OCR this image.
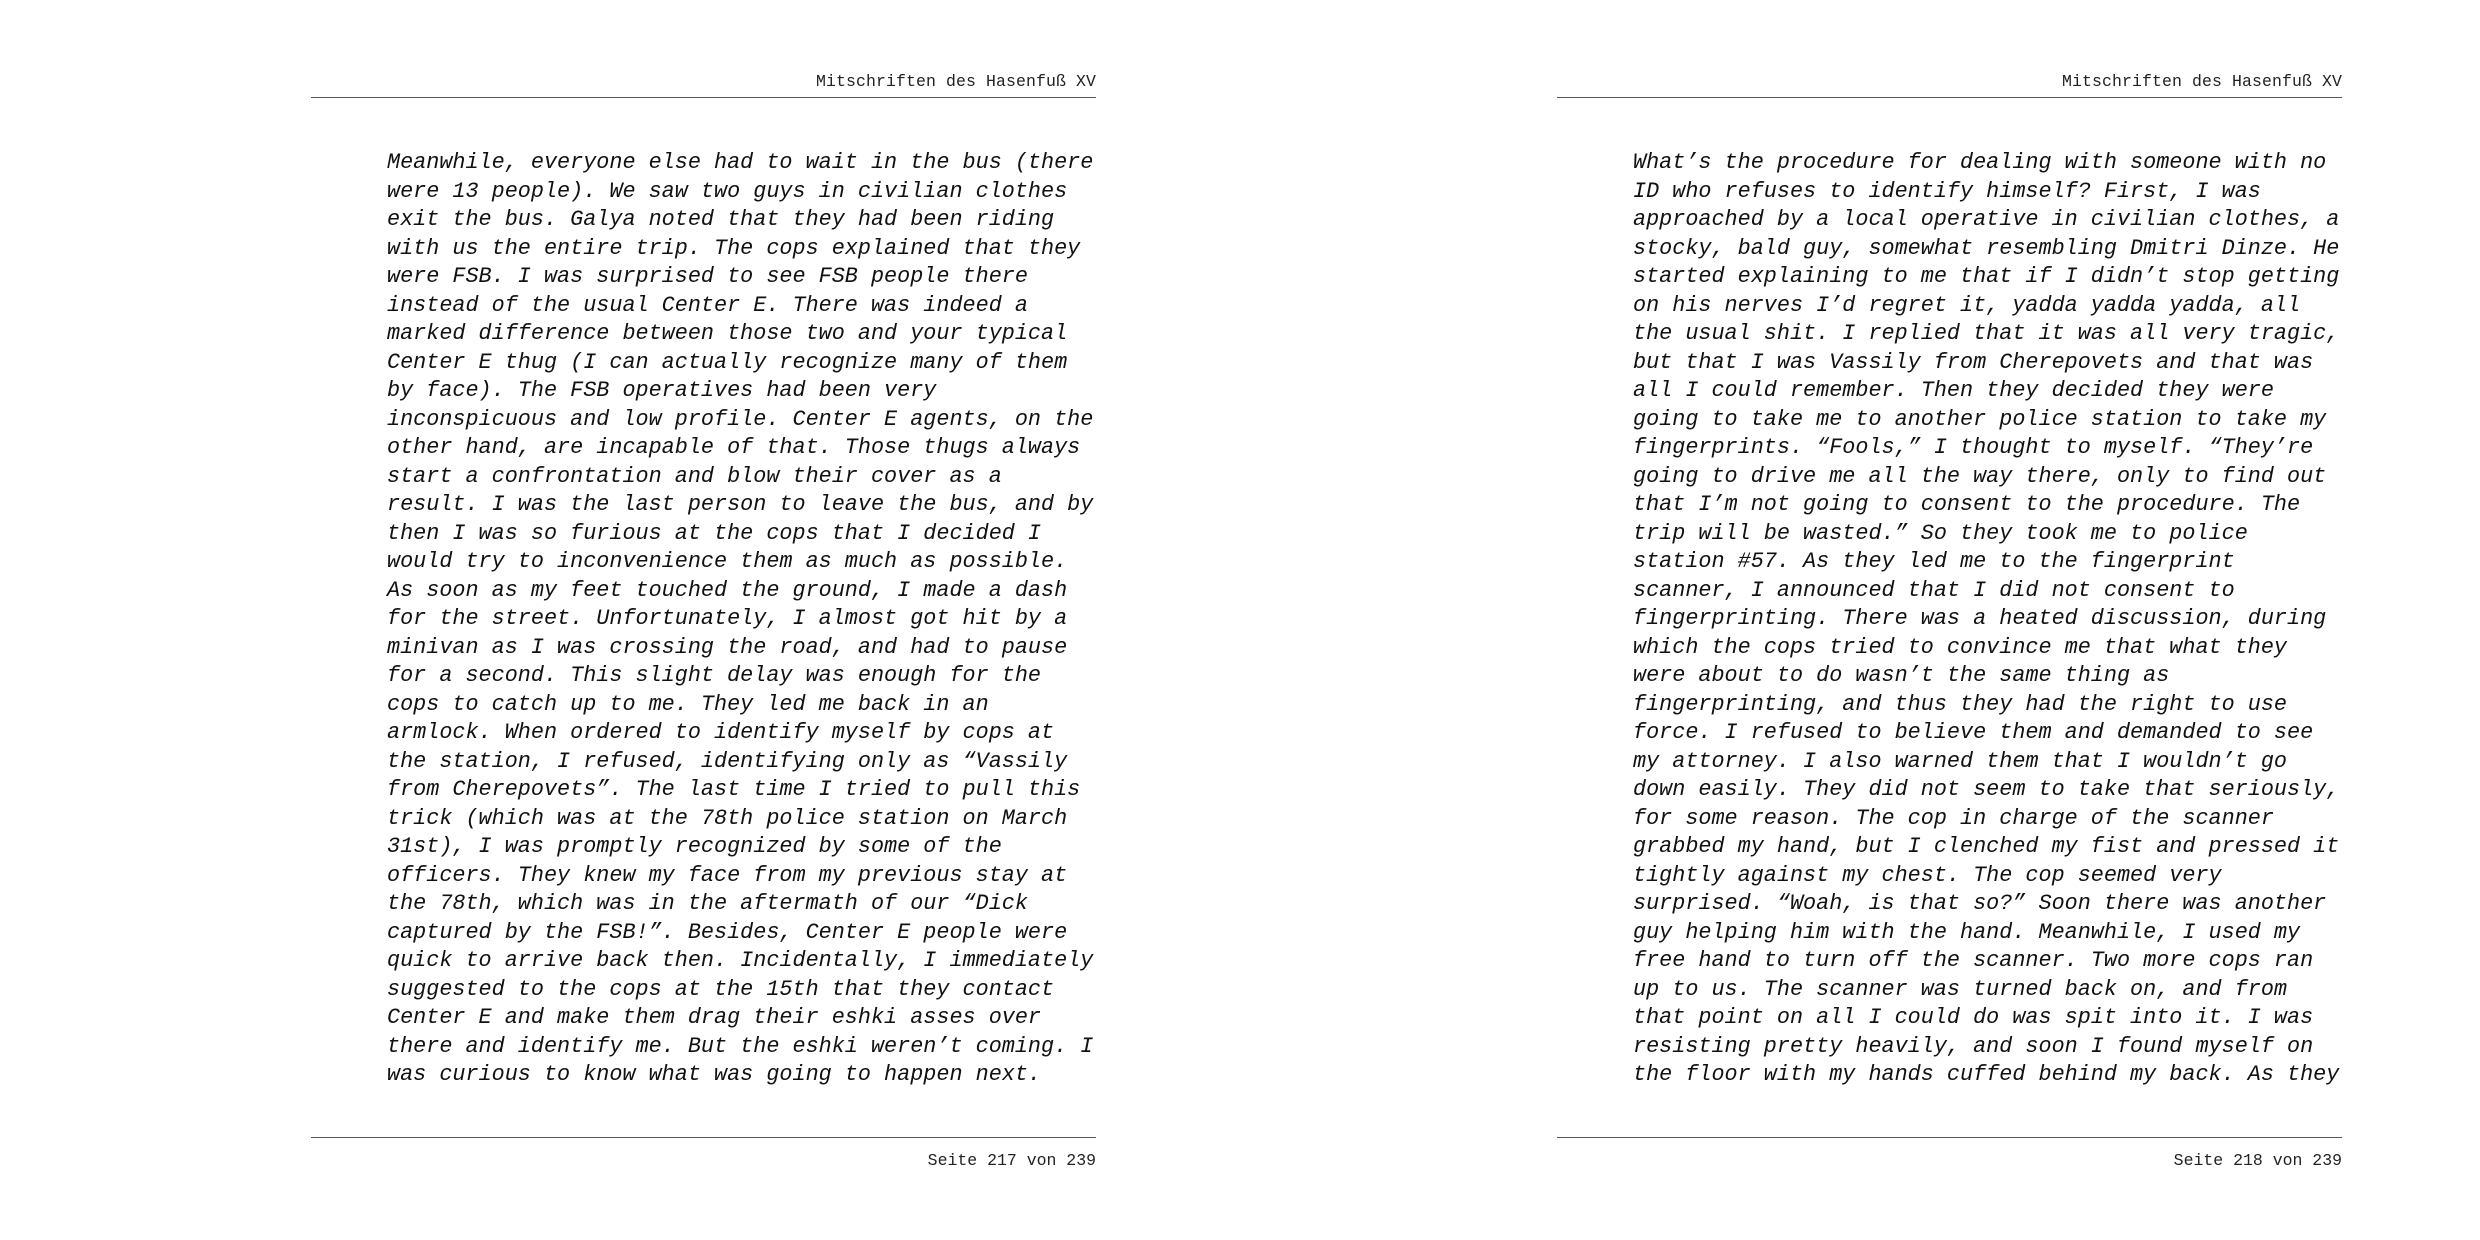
Mitschriften des Hasenfuß XV
Meanwhile, everyone else had to wait in the bus (there
were 13 people). We saw two guys in civilian clothes
exit the bus. Galya noted that they had been riding
with us the entire trip. The cops explained that they
were FSB. I was surprised to see FSB people there
instead of the usual Center E. There was indeed a
marked difference between those two and your typical
Center E thug (I can actually recognize many of them
by face). The FSB operatives had been very
inconspicuous and low profile. Center E agents, on the
other hand, are incapable of that. Those thugs always
start a confrontation and blow their cover as a
result. I was the last person to leave the bus, and by
then I was so furious at the cops that I decided I
would try to inconvenience them as much as possible.
As soon as my feet touched the ground, I made a dash
for the street. Unfortunately, I almost got hit by a
minivan as I was crossing the road, and had to pause
for a second. This slight delay was enough for the
cops to catch up to me. They led me back in an
armlock. When ordered to identify myself by cops at
the station, I refused, identifying only as “Vassily
from Cherepovets”. The last time I tried to pull this
trick (which was at the 78th police station on March
31st), I was promptly recognized by some of the
officers. They knew my face from my previous stay at
the 78th, which was in the aftermath of our “Dick
captured by the FSB!”. Besides, Center E people were
quick to arrive back then. Incidentally, I immediately
suggested to the cops at the 15th that they contact
Center E and make them drag their eshki asses over
there and identify me. But the eshki weren’t coming. I
was curious to know what was going to happen next.
Seite 217 von 239
Mitschriften des Hasenfuß XV
What’s the procedure for dealing with someone with no
ID who refuses to identify himself? First, I was
approached by a local operative in civilian clothes, a
stocky, bald guy, somewhat resembling Dmitri Dinze. He
started explaining to me that if I didn’t stop getting
on his nerves I’d regret it, yadda yadda yadda, all
the usual shit. I replied that it was all very tragic,
but that I was Vassily from Cherepovets and that was
all I could remember. Then they decided they were
going to take me to another police station to take my
fingerprints. “Fools,” I thought to myself. “They’re
going to drive me all the way there, only to find out
that I’m not going to consent to the procedure. The
trip will be wasted.” So they took me to police
station #57. As they led me to the fingerprint
scanner, I announced that I did not consent to
fingerprinting. There was a heated discussion, during
which the cops tried to convince me that what they
were about to do wasn’t the same thing as
fingerprinting, and thus they had the right to use
force. I refused to believe them and demanded to see
my attorney. I also warned them that I wouldn’t go
down easily. They did not seem to take that seriously,
for some reason. The cop in charge of the scanner
grabbed my hand, but I clenched my fist and pressed it
tightly against my chest. The cop seemed very
surprised. “Woah, is that so?” Soon there was another
guy helping him with the hand. Meanwhile, I used my
free hand to turn off the scanner. Two more cops ran
up to us. The scanner was turned back on, and from
that point on all I could do was spit into it. I was
resisting pretty heavily, and soon I found myself on
the floor with my hands cuffed behind my back. As they
Seite 218 von 239
